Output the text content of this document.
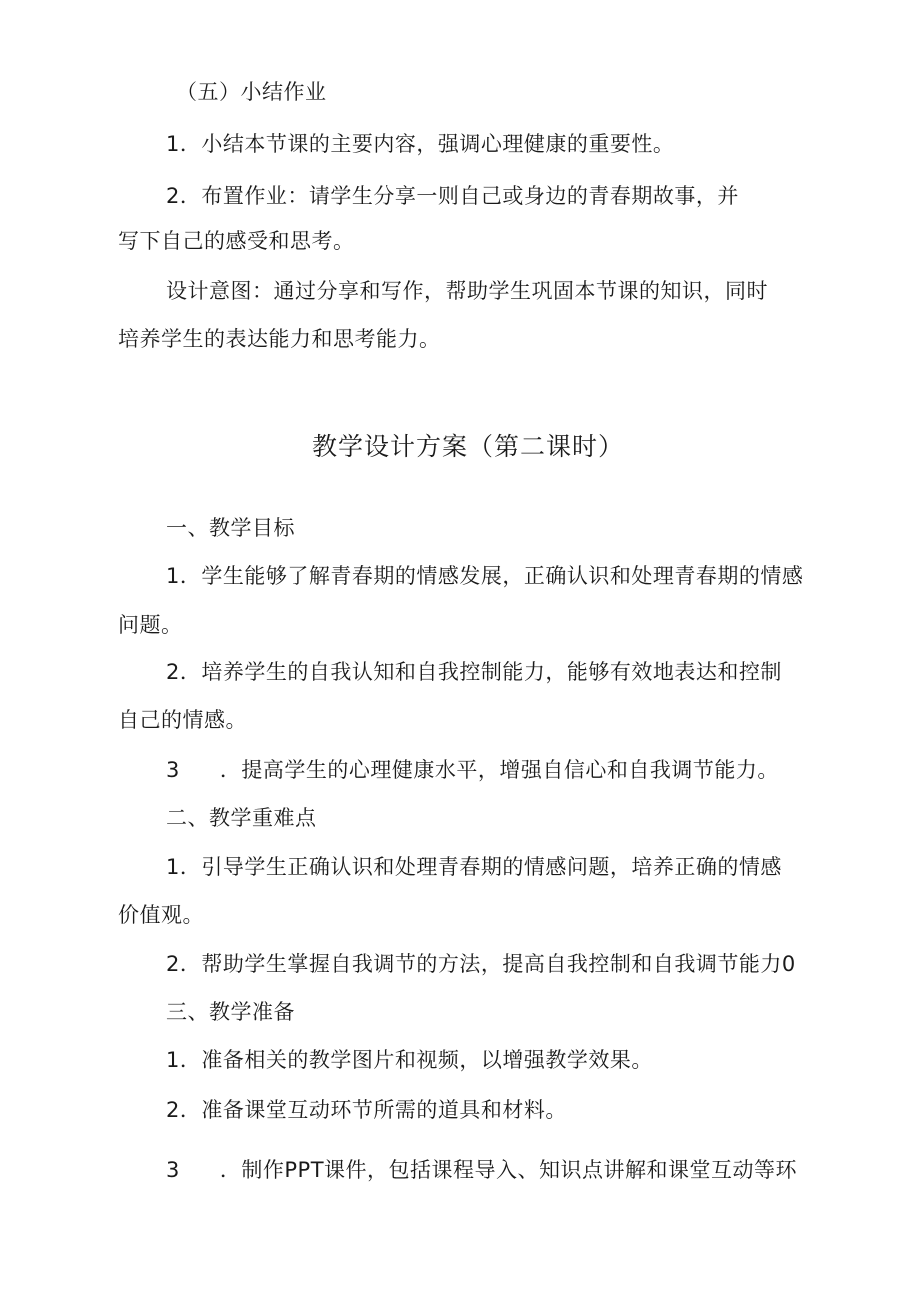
（五）小结作业
1．小结本节课的主要内容，强调心理健康的重要性。
2．布置作业：请学生分享一则自己或身边的青春期故事，并
写下自己的感受和思考。
设计意图：通过分享和写作，帮助学生巩固本节课的知识，同时
培养学生的表达能力和思考能力。
教学设计方案（第二课时）
一、教学目标
1．学生能够了解青春期的情感发展，正确认识和处理青春期的情感
问题。
2．培养学生的自我认知和自我控制能力，能够有效地表达和控制
自己的情感。
3 ．提高学生的心理健康水平，增强自信心和自我调节能力。
二、教学重难点
1．引导学生正确认识和处理青春期的情感问题，培养正确的情感
价值观。
2．帮助学生掌握自我调节的方法，提高自我控制和自我调节能力0
三、教学准备
1．准备相关的教学图片和视频，以增强教学效果。
2．准备课堂互动环节所需的道具和材料。
3 ．制作PPT课件，包括课程导入、知识点讲解和课堂互动等环
